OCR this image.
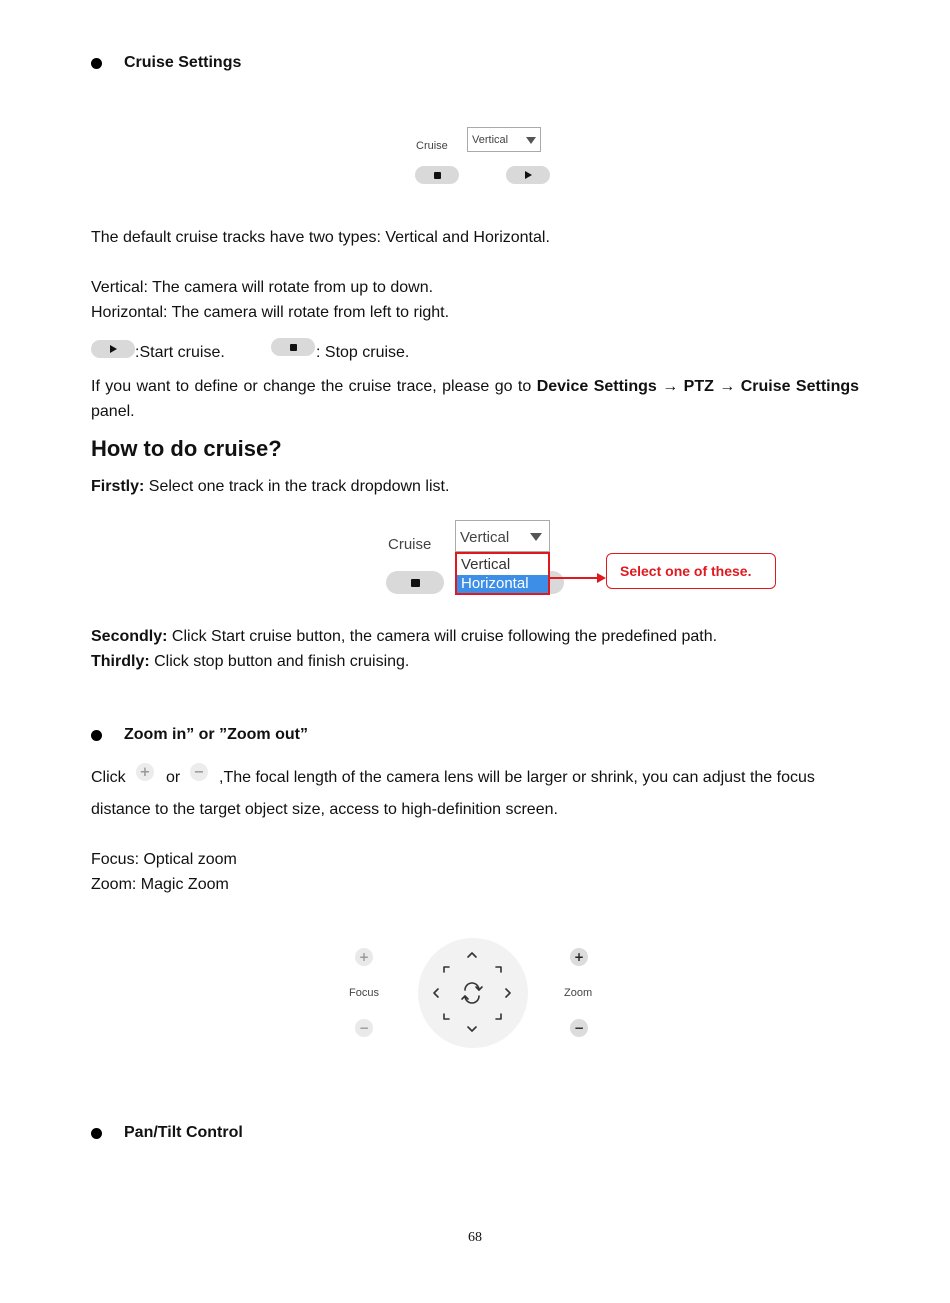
Cruise Settings
Cruise	Vertical
The default cruise tracks have two types: Vertical and Horizontal.
Vertical: The camera will rotate from up to down.
Horizontal: The camera will rotate from left to right.
:Start cruise.	: Stop cruise.
If you want to define or change the cruise trace, please go to Device Settings → PTZ → Cruise Settings panel.
How to do cruise?
Firstly: Select one track in the track dropdown list.
Cruise	Vertical
Vertical
Horizontal
Select one of these.
Secondly: Click Start cruise button, the camera will cruise following the predefined path.
Thirdly: Click stop button and finish cruising.
Zoom in” or ”Zoom out”
Click + or − ,The focal length of the camera lens will be larger or shrink, you can adjust the focus
distance to the target object size, access to high-definition screen.
Focus: Optical zoom
Zoom: Magic Zoom
+
Focus
−
+
Zoom
−
Pan/Tilt Control
68
